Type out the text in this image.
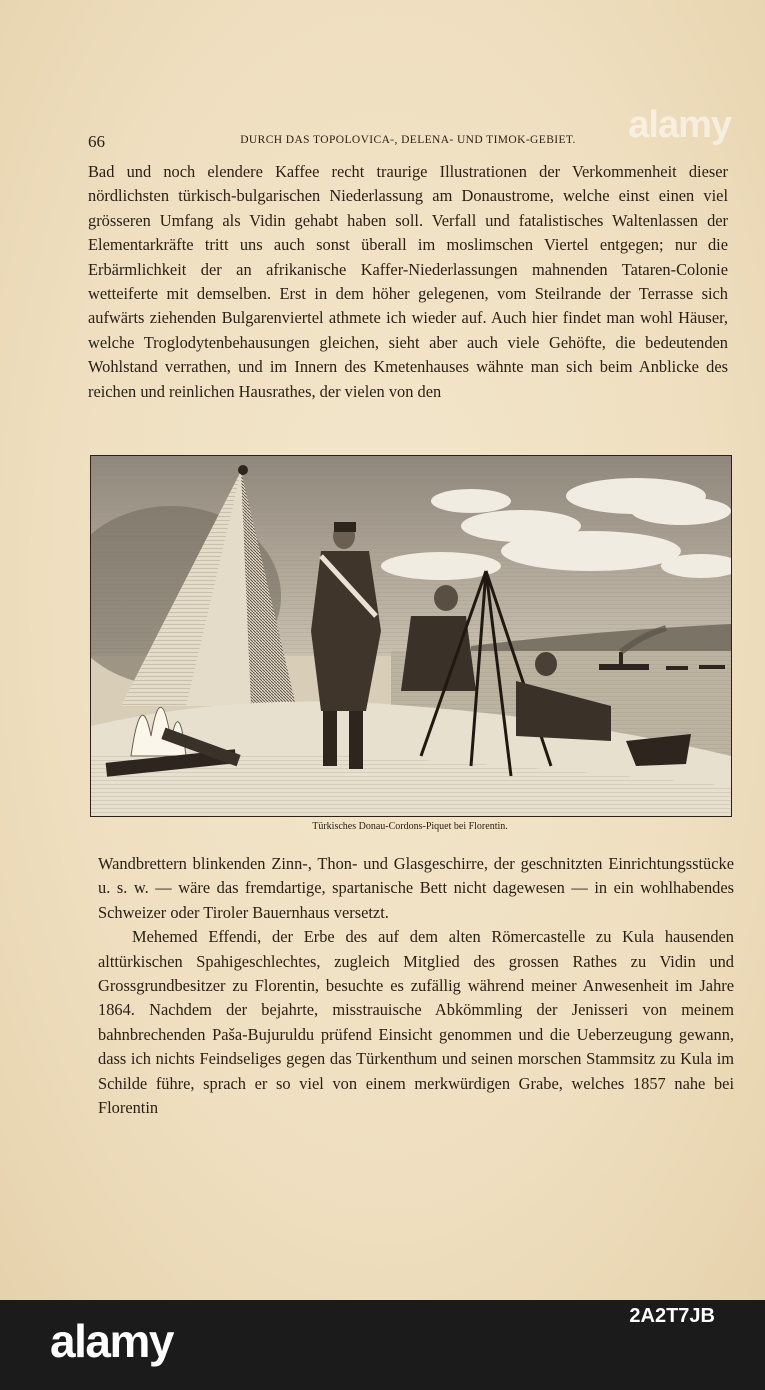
66	DURCH DAS TOPOLOVICA-, DELENA- UND TIMOK-GEBIET.
Bad und noch elendere Kaffee recht traurige Illustrationen der Verkommenheit dieser nördlichsten türkisch-bulgarischen Niederlassung am Donaustrome, welche einst einen viel grösseren Umfang als Vidin gehabt haben soll. Verfall und fatalistisches Waltenlassen der Elementarkräfte tritt uns auch sonst überall im moslimschen Viertel entgegen; nur die Erbärmlichkeit der an afrikanische Kaffer-Niederlassungen mahnenden Tataren-Colonie wetteiferte mit demselben. Erst in dem höher gelegenen, vom Steilrande der Terrasse sich aufwärts ziehenden Bulgarenviertel athmete ich wieder auf. Auch hier findet man wohl Häuser, welche Troglodytenbehausungen gleichen, sieht aber auch viele Gehöfte, die bedeutenden Wohlstand verrathen, und im Innern des Kmetenhauses wähnte man sich beim Anblicke des reichen und reinlichen Hausrathes, der vielen von den
Türkisches Donau-Cordons-Piquet bei Florentin.
Wandbrettern blinkenden Zinn-, Thon- und Glasgeschirre, der geschnitzten Einrichtungsstücke u. s. w. — wäre das fremdartige, spartanische Bett nicht dagewesen — in ein wohlhabendes Schweizer oder Tiroler Bauernhaus versetzt.
Mehemed Effendi, der Erbe des auf dem alten Römercastelle zu Kula hausenden alttürkischen Spahigeschlechtes, zugleich Mitglied des grossen Rathes zu Vidin und Grossgrundbesitzer zu Florentin, besuchte es zufällig während meiner Anwesenheit im Jahre 1864. Nachdem der bejahrte, misstrauische Abkömmling der Jenisseri von meinem bahnbrechenden Paša-Bujuruldu prüfend Einsicht genommen und die Ueberzeugung gewann, dass ich nichts Feindseliges gegen das Türkenthum und seinen morschen Stammsitz zu Kula im Schilde führe, sprach er so viel von einem merkwürdigen Grabe, welches 1857 nahe bei Florentin
alamy
alamy	2A2T7JB
